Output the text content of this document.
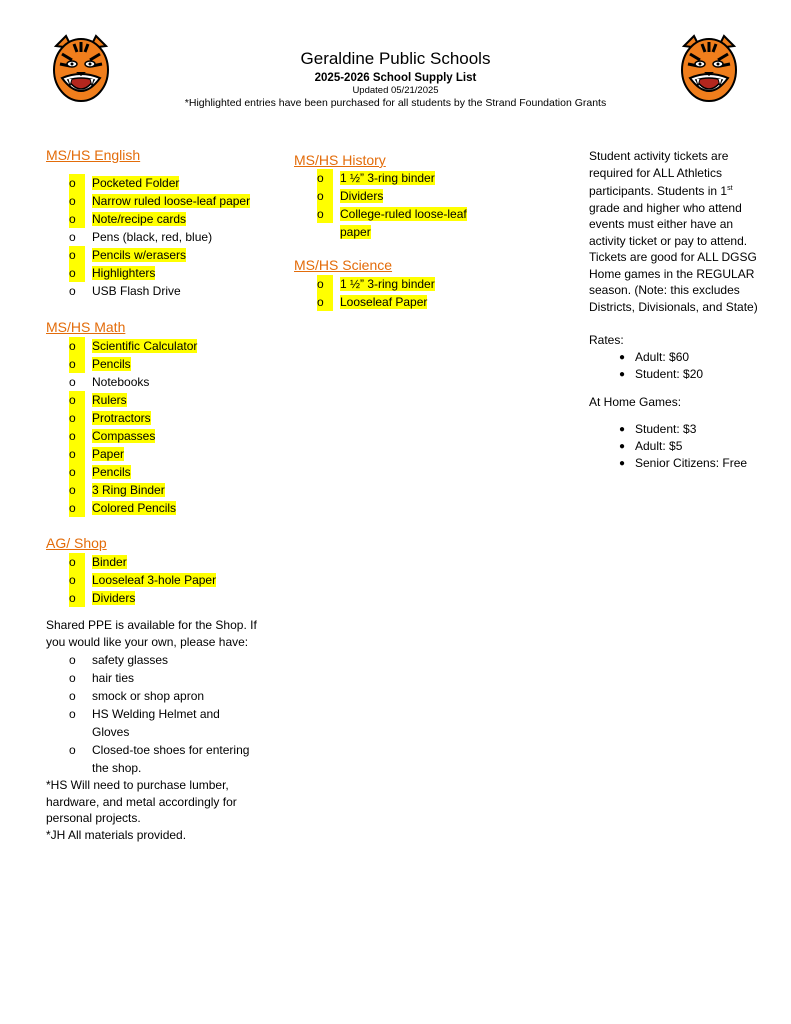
Geraldine Public Schools
2025-2026 School Supply List
Updated 05/21/2025
*Highlighted entries have been purchased for all students by the Strand Foundation Grants
MS/HS English
o	Pocketed Folder
o	Narrow ruled loose-leaf paper
o	Note/recipe cards
o	Pens (black, red, blue)
o	Pencils w/erasers
o	Highlighters
o	USB Flash Drive
MS/HS Math
o	Scientific Calculator
o	Pencils
o	Notebooks
o	Rulers
o	Protractors
o	Compasses
o	Paper
o	Pencils
o	3 Ring Binder
o	Colored Pencils
AG/ Shop
o	Binder
o	Looseleaf 3-hole Paper
o	Dividers

Shared PPE is available for the Shop. If you would like your own, please have:

o	safety glasses
o	hair ties
o	smock or shop apron
o	HS Welding Helmet and Gloves
o	Closed-toe shoes for entering the shop.

*HS Will need to purchase lumber, hardware, and metal accordingly for personal projects.

*JH All materials provided.

MS/HS History
o	1 ½” 3-ring binder
o	Dividers
o	College-ruled loose-leaf paper
MS/HS Science
o	1 ½” 3-ring binder
o	Looseleaf Paper

Student activity tickets are required for ALL Athletics participants. Students in 1st grade and higher who attend events must either have an activity ticket or pay to attend. Tickets are good for ALL DGSG Home games in the REGULAR season. (Note: this excludes Districts, Divisionals, and State)

Rates:

● Adult: $60
● Student: $20

At Home Games:

● Student: $3
● Adult: $5
● Senior Citizens: Free
